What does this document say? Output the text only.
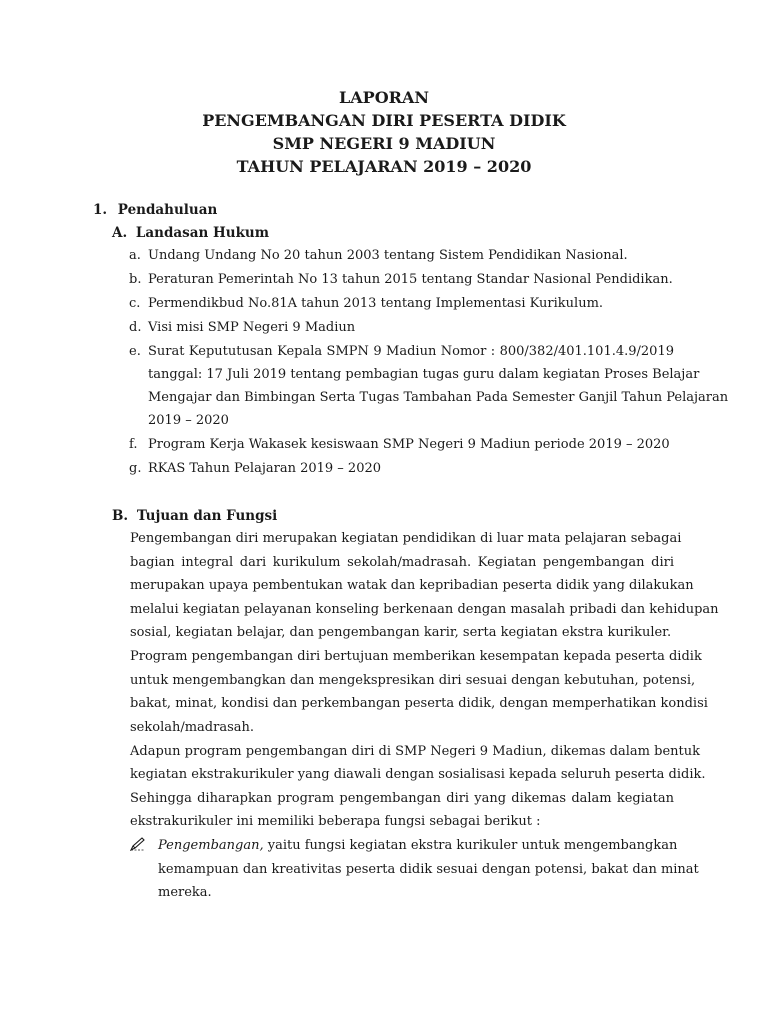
LAPORAN
PENGEMBANGAN DIRI PESERTA DIDIK
SMP NEGERI 9 MADIUN
TAHUN PELAJARAN 2019 – 2020
1. Pendahuluan
A. Landasan Hukum
a. Undang Undang No 20 tahun 2003 tentang Sistem Pendidikan Nasional.
b. Peraturan Pemerintah No 13 tahun 2015 tentang Standar Nasional Pendidikan.
c. Permendikbud No.81A tahun 2013 tentang Implementasi Kurikulum.
d. Visi misi SMP Negeri 9 Madiun
e. Surat Kepututusan Kepala SMPN 9 Madiun Nomor : 800/382/401.101.4.9/2019
tanggal: 17 Juli 2019 tentang pembagian tugas guru dalam kegiatan Proses Belajar
Mengajar dan Bimbingan Serta Tugas Tambahan Pada Semester Ganjil Tahun Pelajaran
2019 – 2020
f. Program Kerja Wakasek kesiswaan SMP Negeri 9 Madiun periode 2019 – 2020
g. RKAS Tahun Pelajaran 2019 – 2020
B. Tujuan dan Fungsi
Pengembangan diri merupakan kegiatan pendidikan di luar mata pelajaran sebagai
bagian integral dari kurikulum sekolah/madrasah. Kegiatan pengembangan diri
merupakan upaya pembentukan watak dan kepribadian peserta didik yang dilakukan
melalui kegiatan pelayanan konseling berkenaan dengan masalah pribadi dan kehidupan
sosial, kegiatan belajar, dan pengembangan karir, serta kegiatan ekstra kurikuler.
Program pengembangan diri bertujuan memberikan kesempatan kepada peserta didik
untuk mengembangkan dan mengekspresikan diri sesuai dengan kebutuhan, potensi,
bakat, minat, kondisi dan perkembangan peserta didik, dengan memperhatikan kondisi
sekolah/madrasah.
Adapun program pengembangan diri di SMP Negeri 9 Madiun, dikemas dalam bentuk
kegiatan ekstrakurikuler yang diawali dengan sosialisasi kepada seluruh peserta didik.
Sehingga diharapkan program pengembangan diri yang dikemas dalam kegiatan
ekstrakurikuler ini memiliki beberapa fungsi sebagai berikut :
Pengembangan, yaitu fungsi kegiatan ekstra kurikuler untuk mengembangkan
kemampuan dan kreativitas peserta didik sesuai dengan potensi, bakat dan minat
mereka.
